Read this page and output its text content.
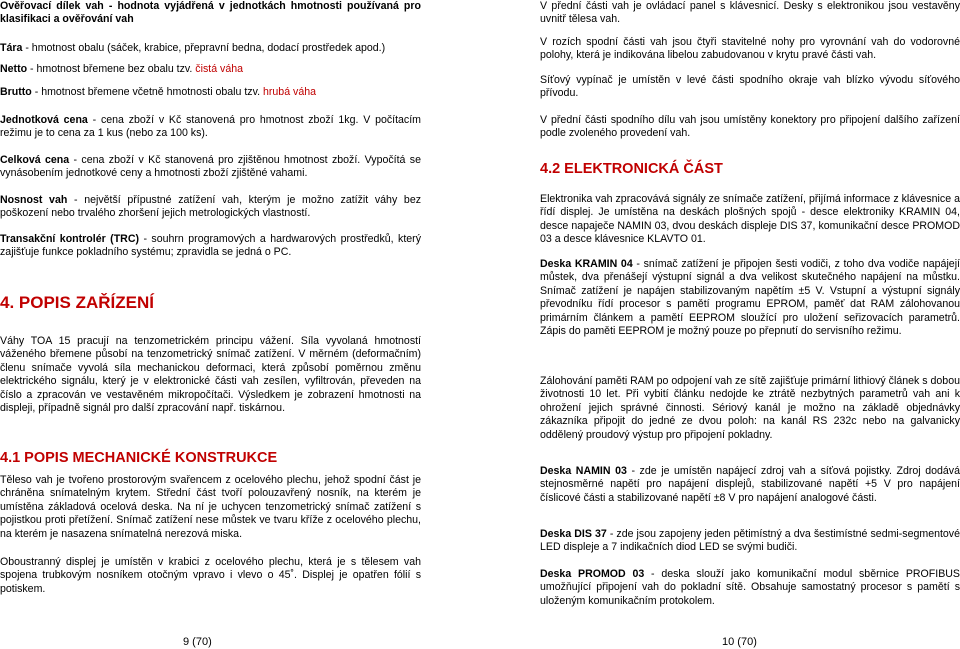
Ověřovací dílek vah - hodnota vyjádřená v jednotkách hmotnosti používaná pro klasifikaci a ověřování vah

Tára - hmotnost obalu (sáček, krabice, přepravní bedna, dodací prostředek apod.)

Netto - hmotnost břemene bez obalu tzv. čistá váha

Brutto - hmotnost břemene včetně hmotnosti obalu tzv. hrubá váha

Jednotková cena - cena zboží v Kč stanovená pro hmotnost zboží 1kg. V počítacím režimu je to cena za 1 kus (nebo za 100 ks).

Celková cena - cena zboží v Kč stanovená pro zjištěnou hmotnost zboží. Vypočítá se vynásobením jednotkové ceny a hmotnosti zboží zjištěné vahami.

Nosnost vah - největší přípustné zatížení vah, kterým je možno zatížit váhy bez poškození nebo trvalého zhoršení jejich metrologických vlastností.

Transakční kontrolér (TRC) - souhrn programových a hardwarových prostředků, který zajišťuje funkce pokladního systému; zpravidla se jedná o PC.

4. POPIS ZAŘÍZENÍ

Váhy TOA 15 pracují na tenzometrickém principu vážení. Síla vyvolaná hmotností váženého břemene působí na tenzometrický snímač zatížení. V měrném (deformačním) členu snímače vyvolá síla mechanickou deformaci, která způsobí poměrnou změnu elektrického signálu, který je v elektronické části vah zesílen, vyfiltrován, převeden na číslo a zpracován ve vestavěném mikropočítači. Výsledkem je zobrazení hmotnosti na displeji, případně signál pro další zpracování např. tiskárnou.

4.1 POPIS MECHANICKÉ KONSTRUKCE

Těleso vah je tvořeno prostorovým svařencem z ocelového plechu, jehož spodní část je chráněna snímatelným krytem. Střední část tvoří polouzavřený nosník, na kterém je umístěna základová ocelová deska. Na ní je uchycen tenzometrický snímač zatížení s pojistkou proti přetížení. Snímač zatížení nese můstek ve tvaru kříže z ocelového plechu, na kterém je nasazena snímatelná nerezová miska.

Oboustranný displej je umístěn v krabici z ocelového plechu, která je s tělesem vah spojena trubkovým nosníkem otočným vpravo i vlevo o 45˚. Displej je opatřen fólií s potiskem.

V přední části vah je ovládací panel s klávesnicí. Desky s elektronikou jsou vestavěny uvnitř tělesa vah.

V rozích spodní části vah jsou čtyři stavitelné nohy pro vyrovnání vah do vodorovné polohy, která je indikována libelou zabudovanou v krytu pravé části vah.

Síťový vypínač je umístěn v levé části spodního okraje vah blízko vývodu síťového přívodu.

V přední části spodního dílu vah jsou umístěny konektory pro připojení dalšího zařízení podle zvoleného provedení vah.

4.2 ELEKTRONICKÁ ČÁST

Elektronika vah zpracovává signály ze snímače zatížení, přijímá informace z klávesnice a řídí displej. Je umístěna na deskách plošných spojů - desce elektroniky KRAMIN 04, desce napaječe NAMIN 03, dvou deskách displeje DIS 37, komunikační desce PROMOD 03 a desce klávesnice KLAVTO 01.

Deska KRAMIN 04 - snímač zatížení je připojen šesti vodiči, z toho dva vodiče napájejí můstek, dva přenášejí výstupní signál a dva velikost skutečného napájení na můstku. Snímač zatížení je napájen stabilizovaným napětím ±5 V. Vstupní a výstupní signály převodníku řídí procesor s pamětí programu EPROM, paměť dat RAM zálohovanou primárním článkem a pamětí EEPROM sloužící pro uložení seřizovacích parametrů. Zápis do paměti EEPROM je možný pouze po přepnutí do servisního režimu.

Zálohování paměti RAM po odpojení vah ze sítě zajišťuje primární lithiový článek s dobou životnosti 10 let. Při vybití článku nedojde ke ztrátě nezbytných parametrů vah ani k ohrožení jejich správné činnosti. Sériový kanál je možno na základě objednávky zákazníka připojit do jedné ze dvou poloh: na kanál RS 232c nebo na galvanicky oddělený proudový výstup pro připojení pokladny.

Deska NAMIN 03 - zde je umístěn napájecí zdroj vah a síťová pojistky. Zdroj dodává stejnosměrné napětí pro napájení displejů, stabilizované napětí +5 V pro napájení číslicové části a stabilizované napětí ±8 V pro napájení analogové části.

Deska DIS 37 - zde jsou zapojeny jeden pětimístný a dva šestimístné sedmi-segmentové LED displeje a 7 indikačních diod LED se svými budiči.

Deska PROMOD 03 - deska slouží jako komunikační modul sběrnice PROFIBUS umožňující připojení vah do pokladní sítě. Obsahuje samostatný procesor s pamětí s uloženým komunikačním protokolem.

9 (70)	10 (70)
